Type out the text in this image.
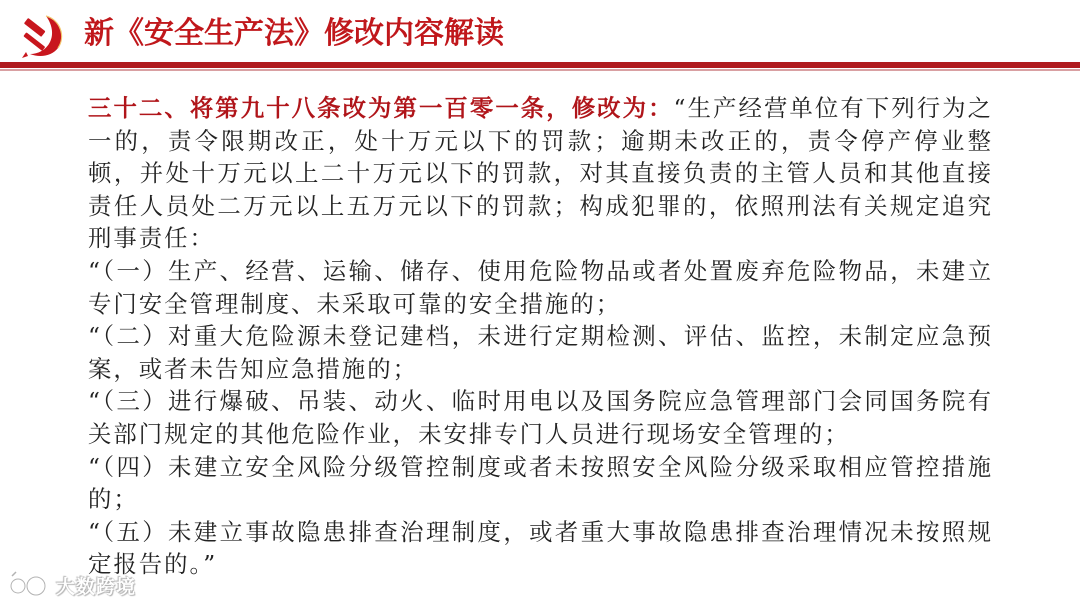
新《安全生产法》修改内容解读

三十二、将第九十八条改为第一百零一条，修改为：“生产经营单位有下列行为之一的，责令限期改正，处十万元以下的罚款；逾期未改正的，责令停产停业整顿，并处十万元以上二十万元以下的罚款，对其直接负责的主管人员和其他直接责任人员处二万元以上五万元以下的罚款；构成犯罪的，依照刑法有关规定追究刑事责任：

“（一）生产、经营、运输、储存、使用危险物品或者处置废弃危险物品，未建立专门安全管理制度、未采取可靠的安全措施的；

“（二）对重大危险源未登记建档，未进行定期检测、评估、监控，未制定应急预案，或者未告知应急措施的；

“（三）进行爆破、吊装、动火、临时用电以及国务院应急管理部门会同国务院有关部门规定的其他危险作业，未安排专门人员进行现场安全管理的；

“（四）未建立安全风险分级管控制度或者未按照安全风险分级采取相应管控措施的；

“（五）未建立事故隐患排查治理制度，或者重大事故隐患排查治理情况未按照规定报告的。”

大数跨境
